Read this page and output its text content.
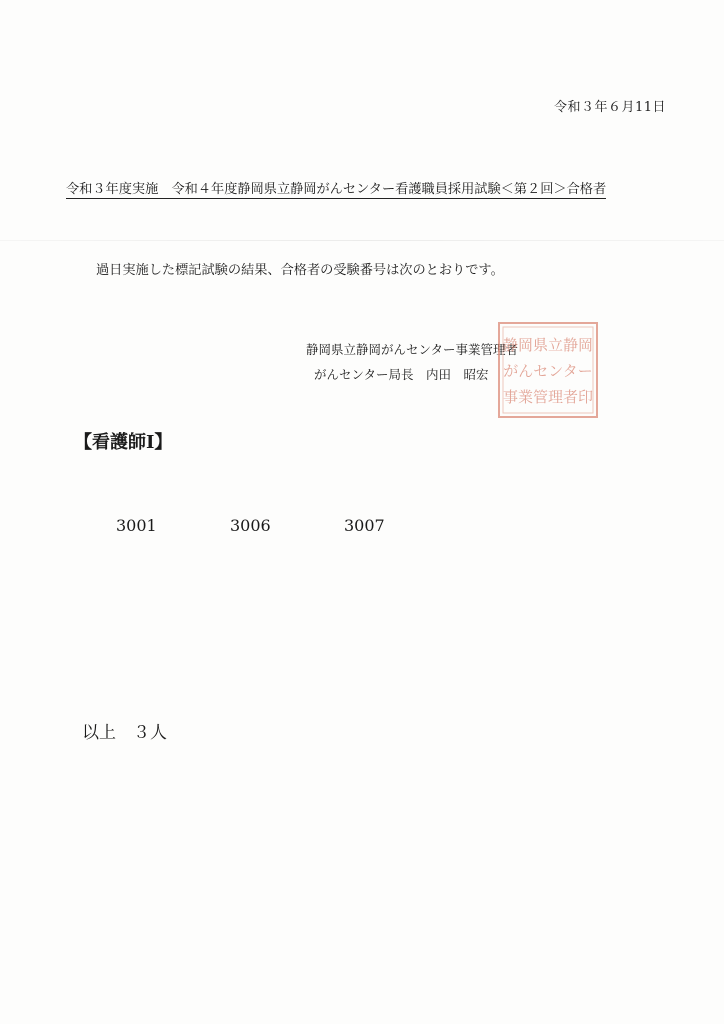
令和３年６月11日
令和３年度実施　令和４年度静岡県立静岡がんセンター看護職員採用試験＜第２回＞合格者
過日実施した標記試験の結果、合格者の受験番号は次のとおりです。
静岡県立静岡がんセンター事業管理者
がんセンター局長　内田　昭宏
静岡県立静岡
がんセンター
事業管理者印
【看護師Ⅰ】
3001	3006	3007
以上　３人
